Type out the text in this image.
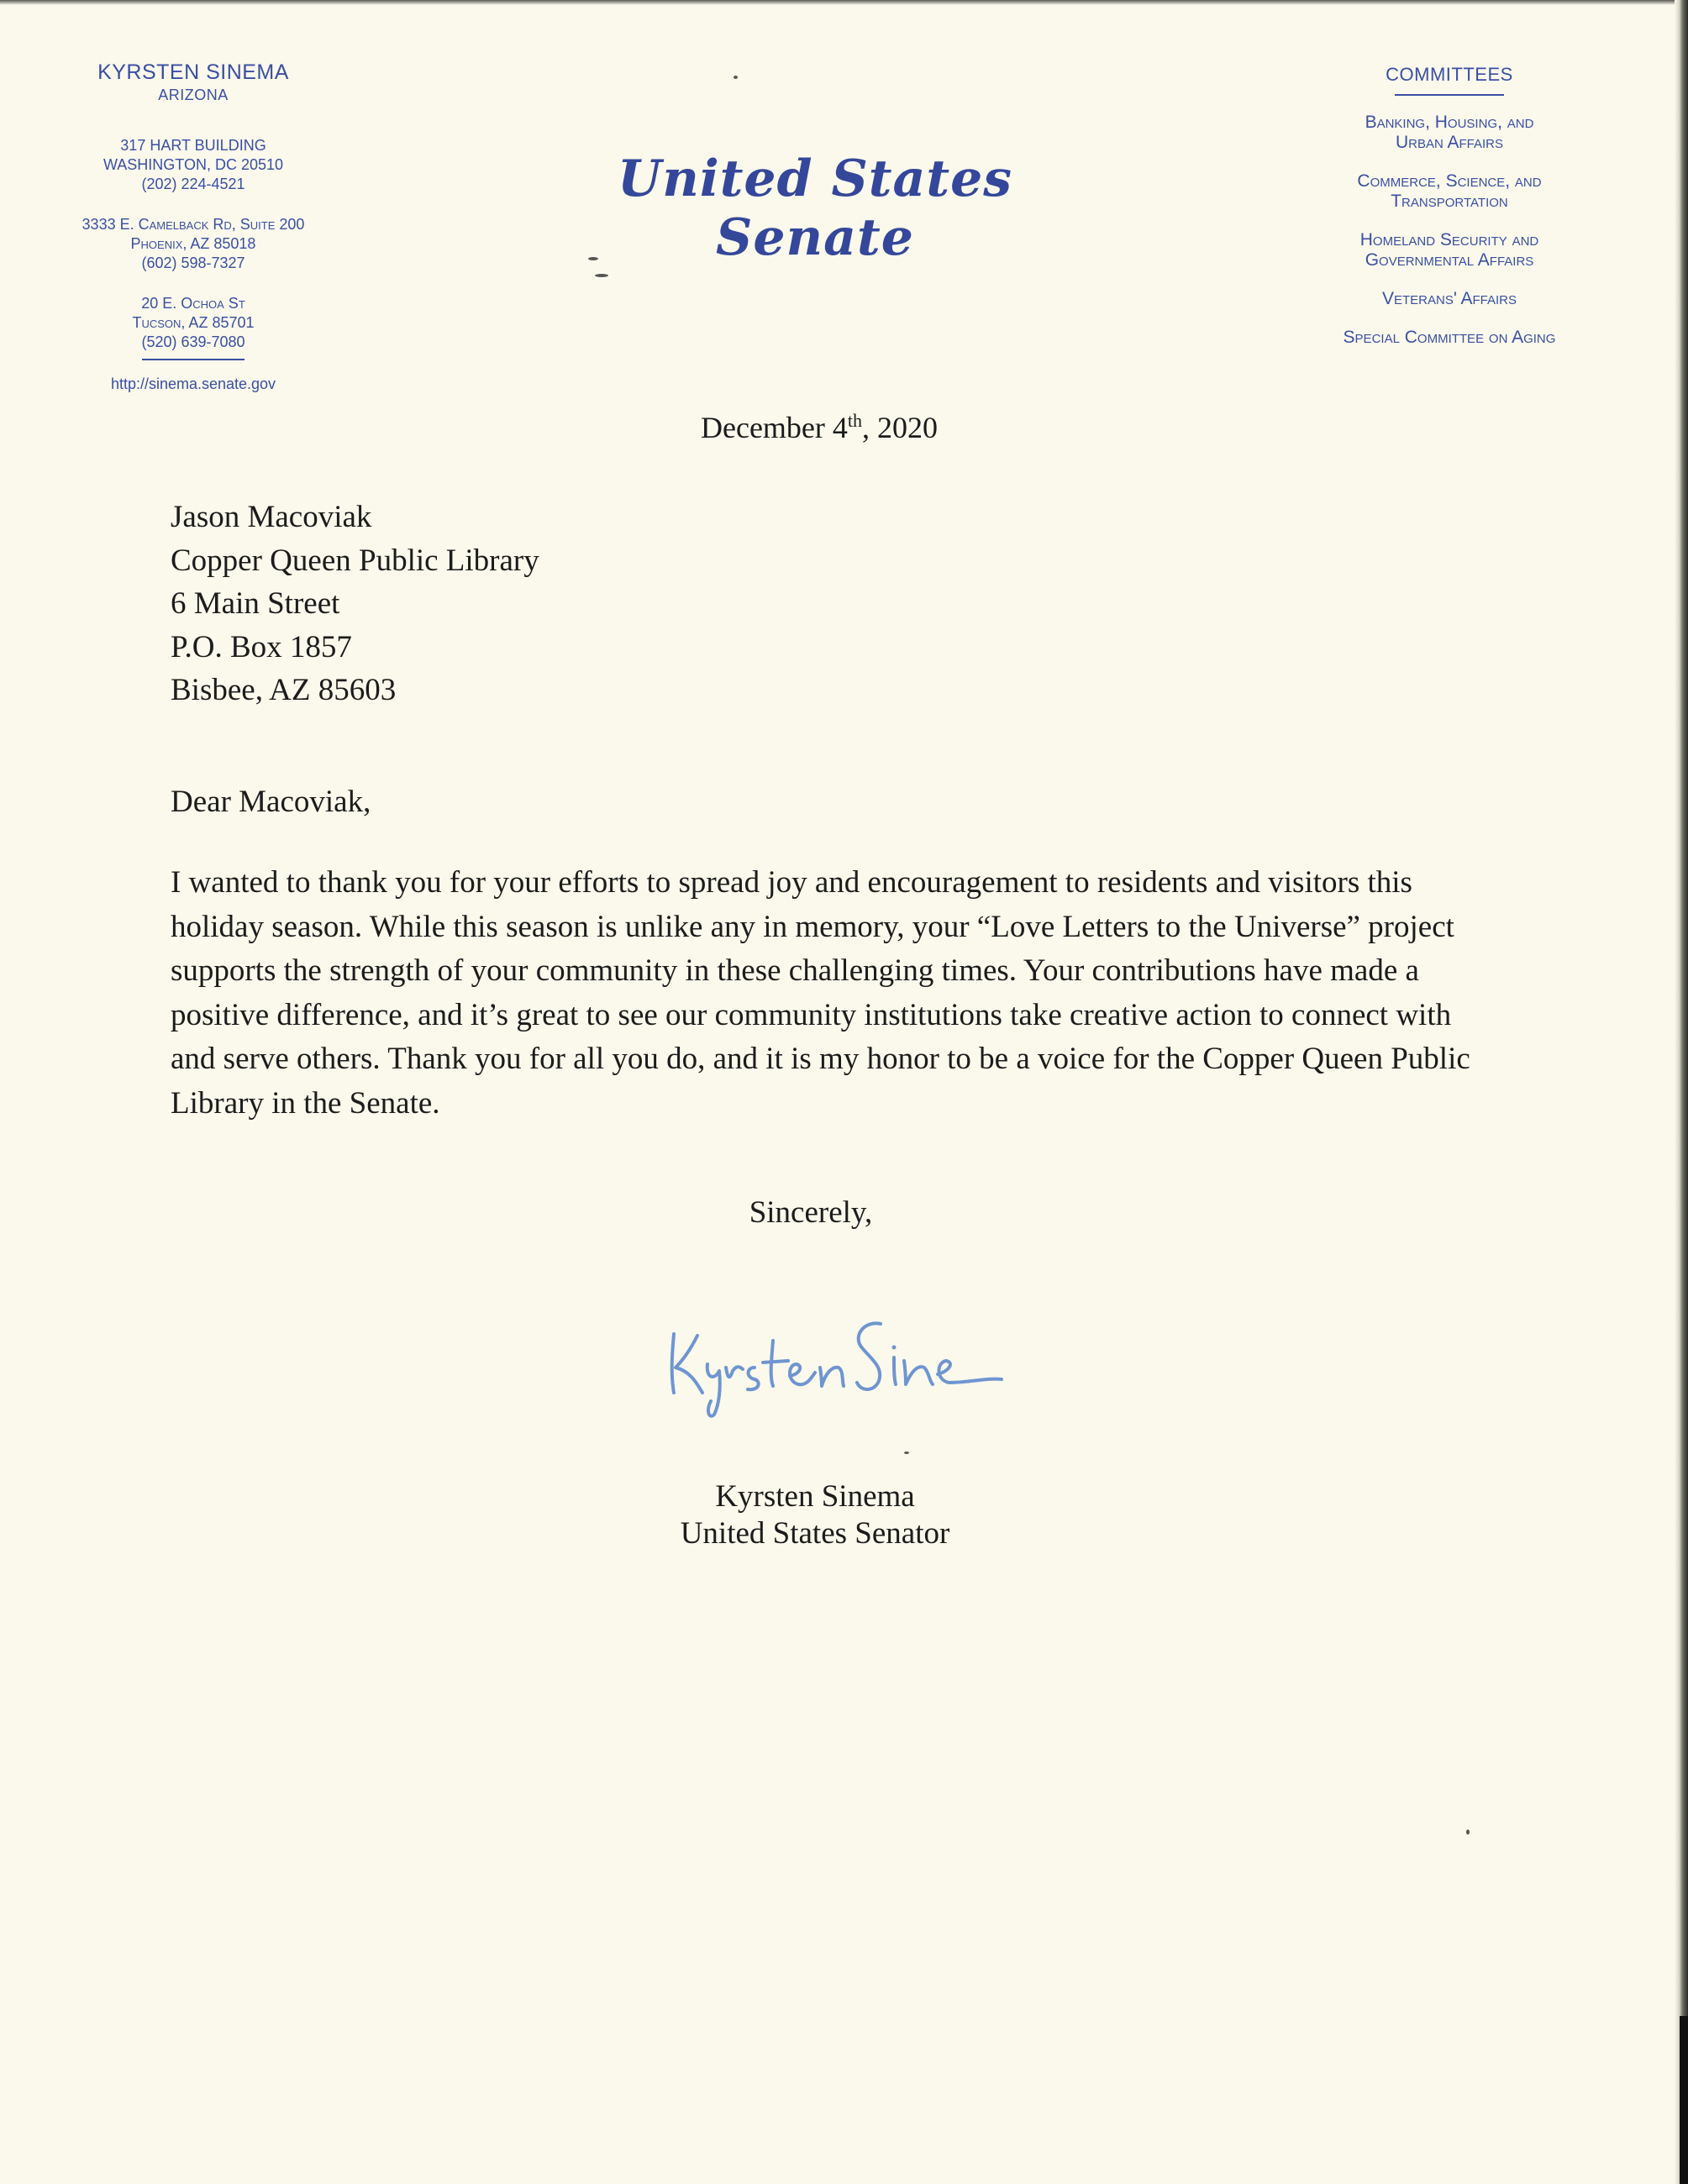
KYRSTEN SINEMA
ARIZONA
317 HART BUILDING
WASHINGTON, DC 20510
(202) 224-4521
3333 E. Camelback Rd, Suite 200
Phoenix, AZ 85018
(602) 598-7327
20 E. Ochoa St
Tucson, AZ 85701
(520) 639-7080
http://sinema.senate.gov
United States Senate
COMMITTEES
Banking, Housing, and
Urban Affairs
Commerce, Science, and
Transportation
Homeland Security and
Governmental Affairs
Veterans' Affairs
Special Committee on Aging
December 4th, 2020
Jason Macoviak
Copper Queen Public Library
6 Main Street
P.O. Box 1857
Bisbee, AZ 85603
Dear Macoviak,

I wanted to thank you for your efforts to spread joy and encouragement to residents and visitors this holiday season. While this season is unlike any in memory, your “Love Letters to the Universe” project supports the strength of your community in these challenging times. Your contributions have made a positive difference, and it’s great to see our community institutions take creative action to connect with and serve others. Thank you for all you do, and it is my honor to be a voice for the Copper Queen Public Library in the Senate.

Sincerely,
Kyrsten Sinema
United States Senator
